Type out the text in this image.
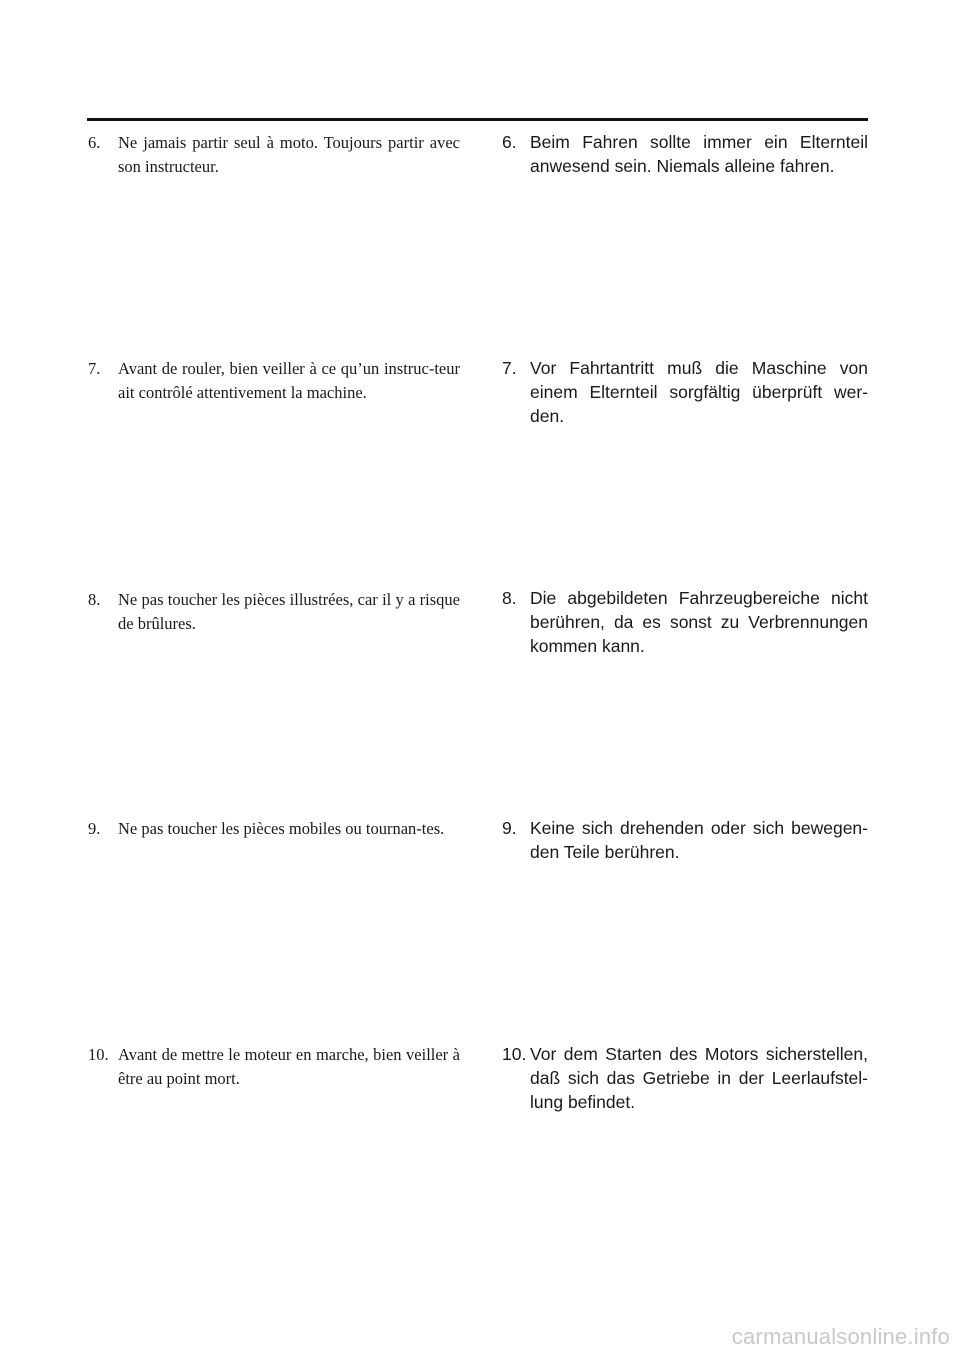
6.	Ne jamais partir seul à moto. Toujours partir avec son instructeur.
7.	Avant de rouler, bien veiller à ce qu’un instruc-teur ait contrôlé attentivement la machine.
8.	Ne pas toucher les pièces illustrées, car il y a risque de brûlures.
9.	Ne pas toucher les pièces mobiles ou tournan-tes.
10. Avant de mettre le moteur en marche, bien veiller à être au point mort.
6. Beim Fahren sollte immer ein Elternteil anwesend sein. Niemals alleine fahren.
7. Vor Fahrtantritt muß die Maschine von einem Elternteil sorgfältig überprüft wer-den.
8. Die abgebildeten Fahrzeugbereiche nicht berühren, da es sonst zu Verbrennungen kommen kann.
9. Keine sich drehenden oder sich bewegen-den Teile berühren.
10. Vor dem Starten des Motors sicherstellen, daß sich das Getriebe in der Leerlaufstel-lung befindet.
carmanualsonline.info
